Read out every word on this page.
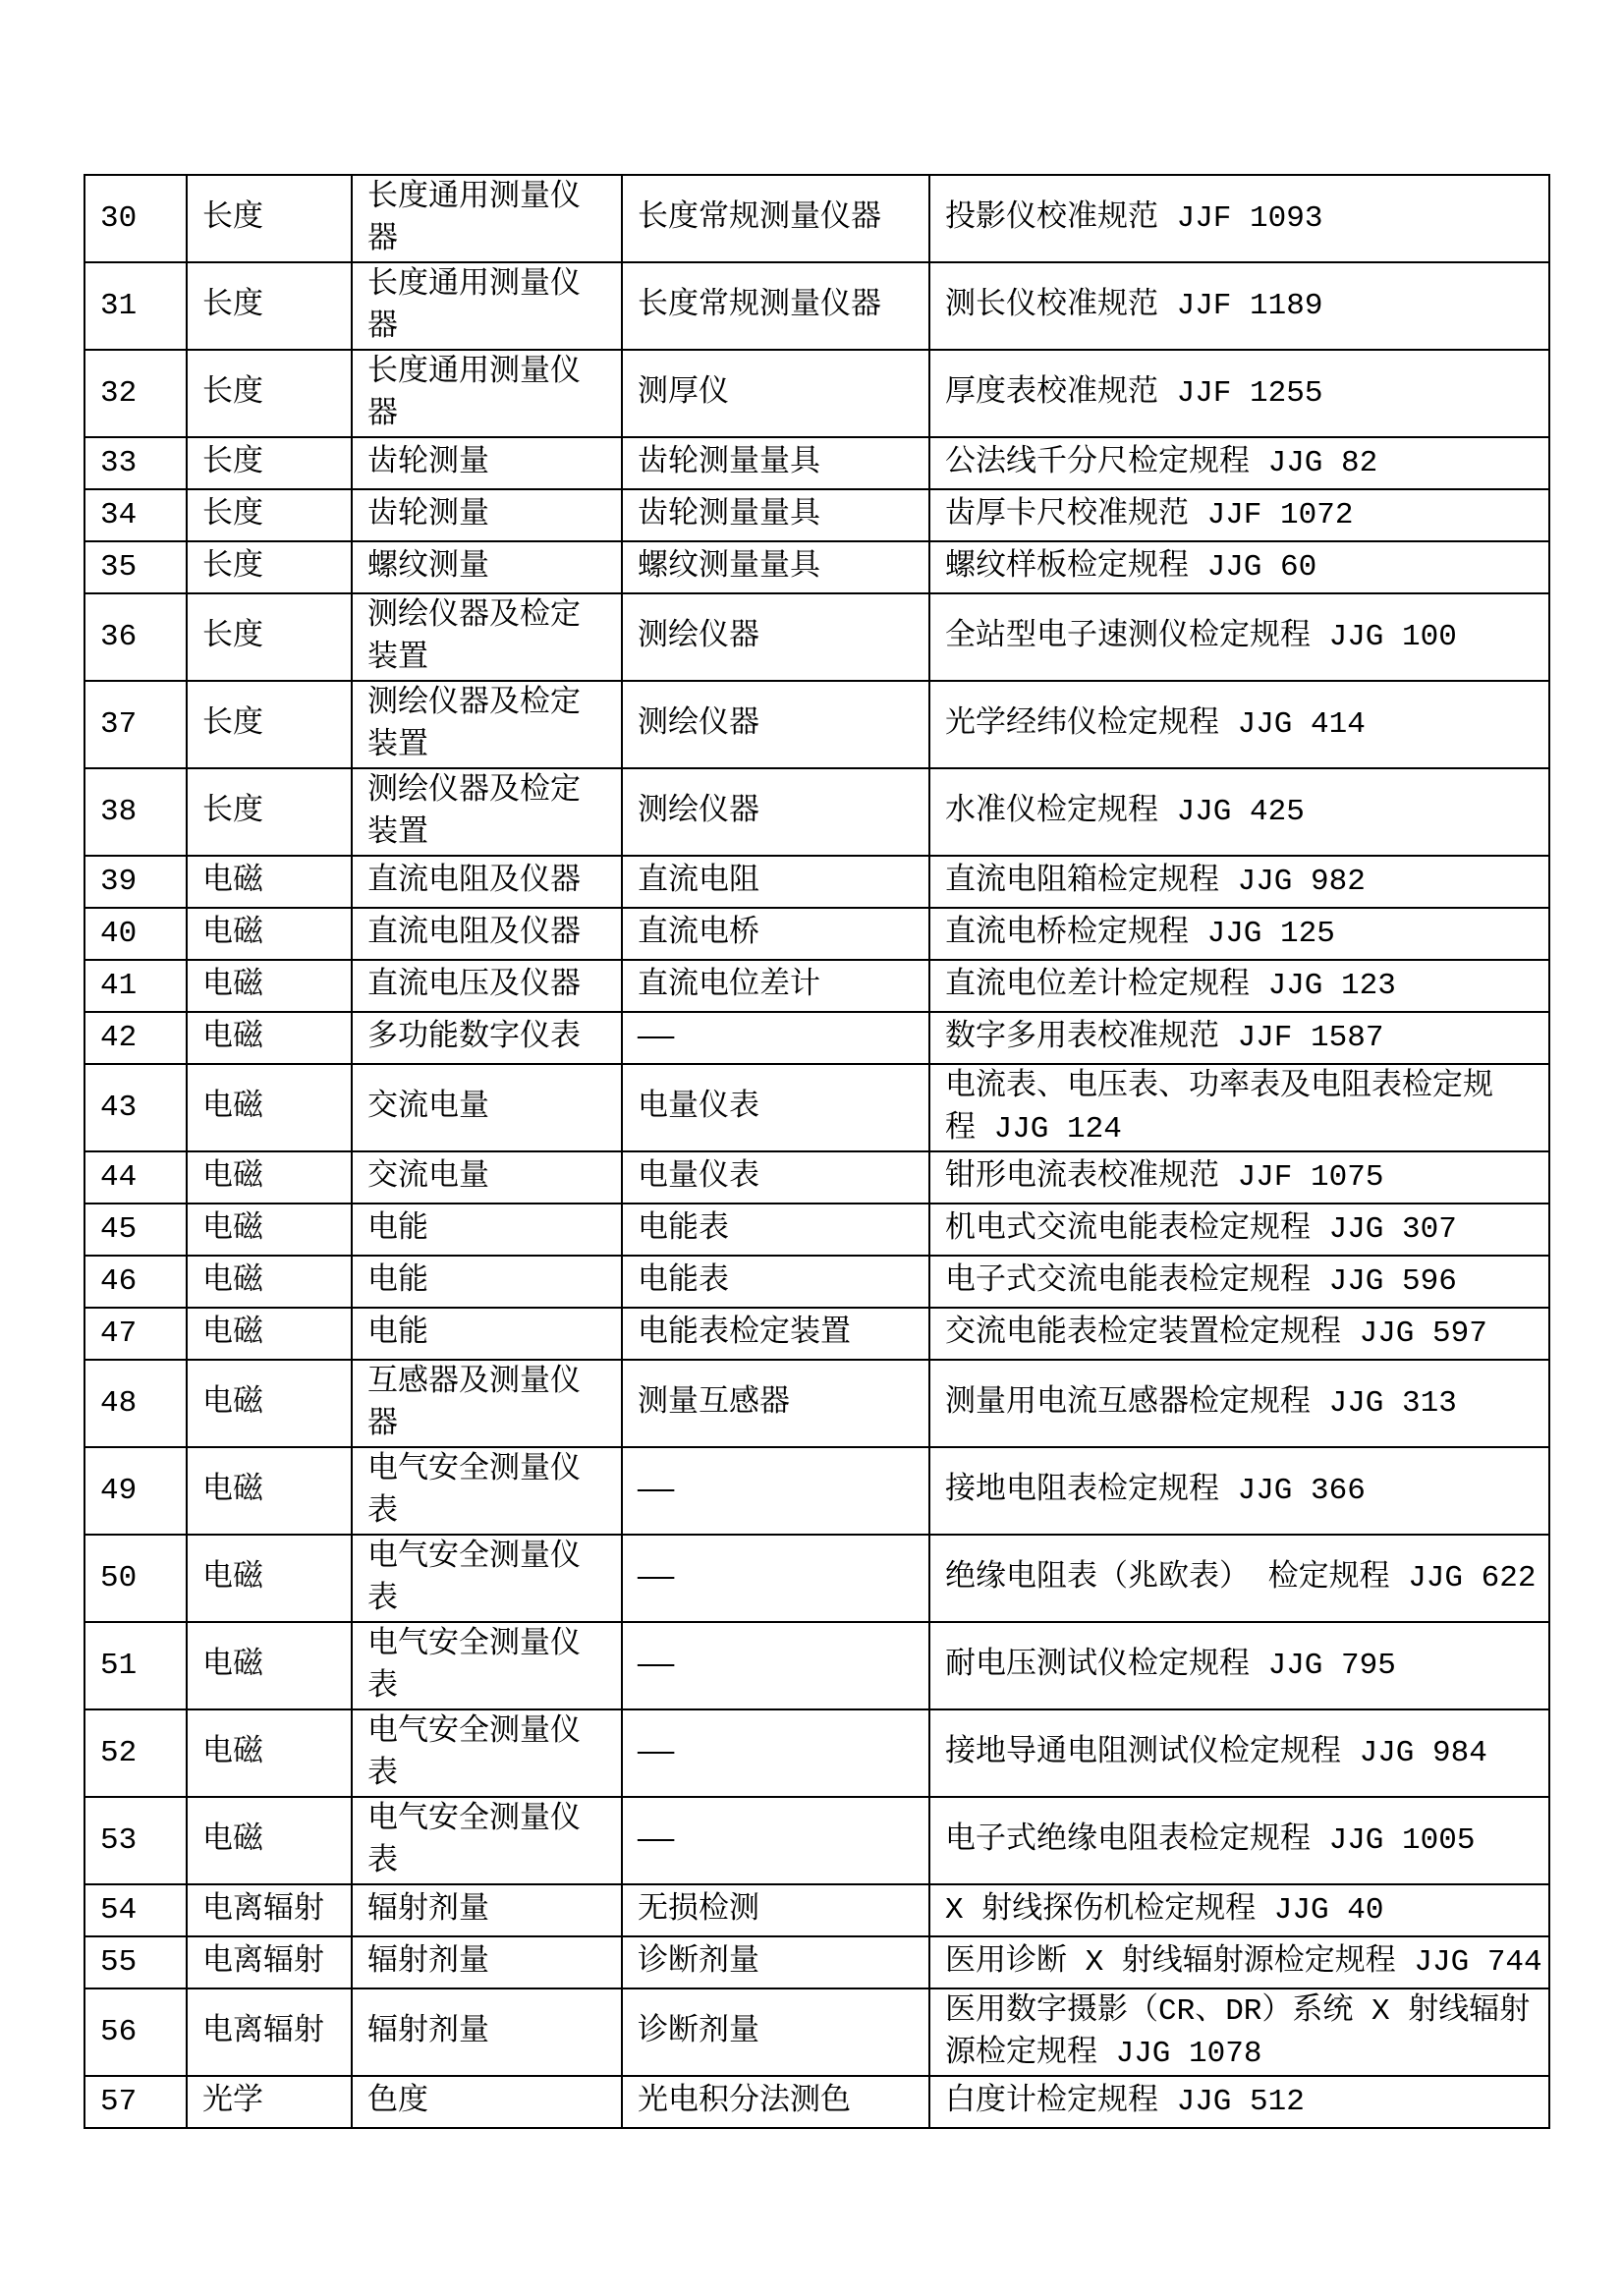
30	长度	长度通用测量仪器	长度常规测量仪器	投影仪校准规范 JJF 1093
31	长度	长度通用测量仪器	长度常规测量仪器	测长仪校准规范 JJF 1189
32	长度	长度通用测量仪器	测厚仪	厚度表校准规范 JJF 1255
33	长度	齿轮测量	齿轮测量量具	公法线千分尺检定规程 JJG 82
34	长度	齿轮测量	齿轮测量量具	齿厚卡尺校准规范 JJF 1072
35	长度	螺纹测量	螺纹测量量具	螺纹样板检定规程 JJG 60
36	长度	测绘仪器及检定装置	测绘仪器	全站型电子速测仪检定规程 JJG 100
37	长度	测绘仪器及检定装置	测绘仪器	光学经纬仪检定规程 JJG 414
38	长度	测绘仪器及检定装置	测绘仪器	水准仪检定规程 JJG 425
39	电磁	直流电阻及仪器	直流电阻	直流电阻箱检定规程 JJG 982
40	电磁	直流电阻及仪器	直流电桥	直流电桥检定规程 JJG 125
41	电磁	直流电压及仪器	直流电位差计	直流电位差计检定规程 JJG 123
42	电磁	多功能数字仪表	——	数字多用表校准规范 JJF 1587
43	电磁	交流电量	电量仪表	电流表、电压表、功率表及电阻表检定规程 JJG 124

44	电磁	交流电量	电量仪表	钳形电流表校准规范 JJF 1075
45	电磁	电能	电能表	机电式交流电能表检定规程 JJG 307
46	电磁	电能	电能表	电子式交流电能表检定规程 JJG 596
47	电磁	电能	电能表检定装置	交流电能表检定装置检定规程 JJG 597
48	电磁	互感器及测量仪器	测量互感器	测量用电流互感器检定规程 JJG 313
49	电磁	电气安全测量仪表	——	接地电阻表检定规程 JJG 366
50	电磁	电气安全测量仪表	——	绝缘电阻表（兆欧表） 检定规程 JJG 622
51	电磁	电气安全测量仪表	——	耐电压测试仪检定规程 JJG 795
52	电磁	电气安全测量仪表	——	接地导通电阻测试仪检定规程 JJG 984
53	电磁	电气安全测量仪表	——	电子式绝缘电阻表检定规程 JJG 1005
54	电离辐射	辐射剂量	无损检测	X 射线探伤机检定规程 JJG 40
55	电离辐射	辐射剂量	诊断剂量	医用诊断 X 射线辐射源检定规程 JJG 744
56	电离辐射	辐射剂量	诊断剂量	医用数字摄影（CR、DR）系统 X 射线辐射源检定规程 JJG 1078

57	光学	色度	光电积分法测色	白度计检定规程 JJG 512
